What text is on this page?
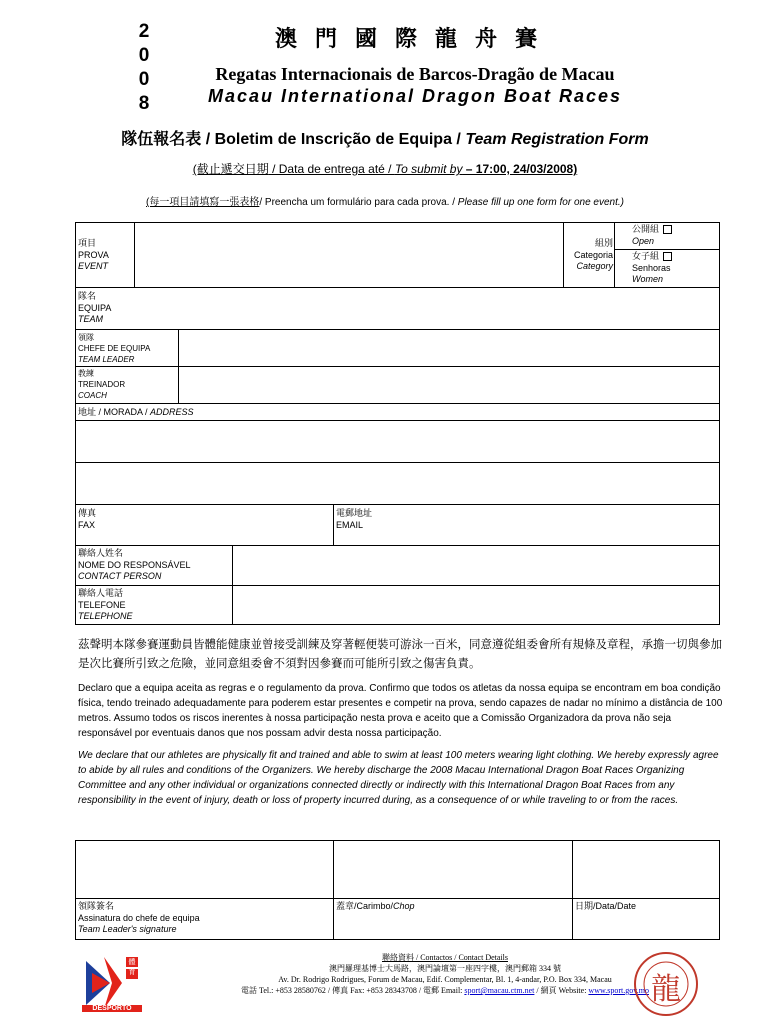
2
0
0
8
澳門國際龍舟賽
Regatas Internacionais de Barcos-Dragão de Macau
Macau International Dragon Boat Races
隊伍報名表 / Boletim de Inscrição de Equipa / Team Registration Form
(截止遞交日期 / Data de entrega até / To submit by – 17:00, 24/03/2008)
(每一項目請填寫一張表格/ Preencha um formulário para cada prova. / Please fill up one form for one event.)
項目
PROVA
EVENT
組別
Categoria
Category
公開組
Open
女子組
Senhoras
Women
隊名
EQUIPA
TEAM
領隊
CHEFE DE EQUIPA
TEAM LEADER
教練
TREINADOR
COACH
地址 / MORADA / ADDRESS
傳真
FAX
電郵地址
EMAIL
聯絡人姓名
NOME DO RESPONSÁVEL
CONTACT PERSON
聯絡人電話
TELEFONE
TELEPHONE
茲聲明本隊參賽運動員皆體能健康並曾接受訓練及穿著輕便裝可游泳一百米，同意遵從組委會所有規條及章程，承擔一切與參加是次比賽所引致之危險，並同意組委會不須對因參賽而可能所引致之傷害負責。
Declaro que a equipa aceita as regras e o regulamento da prova. Confirmo que todos os atletas da nossa equipa se encontram em boa condição física, tendo treinado adequadamente para poderem estar presentes e competir na prova, sendo capazes de nadar no mínimo a distância de 100 metros. Assumo todos os riscos inerentes à nossa participação nesta prova e aceito que a Comissão Organizadora da prova não seja responsável por eventuais danos que nos possam advir desta nossa participação.
We declare that our athletes are physically fit and trained and able to swim at least 100 meters wearing light clothing. We hereby expressly agree to abide by all rules and conditions of the Organizers. We hereby discharge the 2008 Macau International Dragon Boat Races Organizing Committee and any other individual or organizations connected directly or indirectly with this International Dragon Boat Races from any responsibility in the event of injury, death or loss of property incurred during, as a consequence of or while traveling to or from the races.
領隊簽名
Assinatura do chefe de equipa
Team Leader's signature
蓋章/Carimbo/Chop	日期/Data/Date
體
育
DESPORTO
聯絡資料 / Contactos / Contact Details
澳門羅理基博士大馬路，澳門論壇第一座四字樓，澳門郵箱 334 號
Av. Dr. Rodrigo Rodrigues, Forum de Macau, Edif. Complementar, Bl. 1, 4-andar, P.O. Box 334, Macau
電話 Tel.: +853 28580762 / 傳真 Fax: +853 28343708 / 電郵 Email: sport@macau.ctm.net / 網頁 Website: www.sport.gov.mo 龍
